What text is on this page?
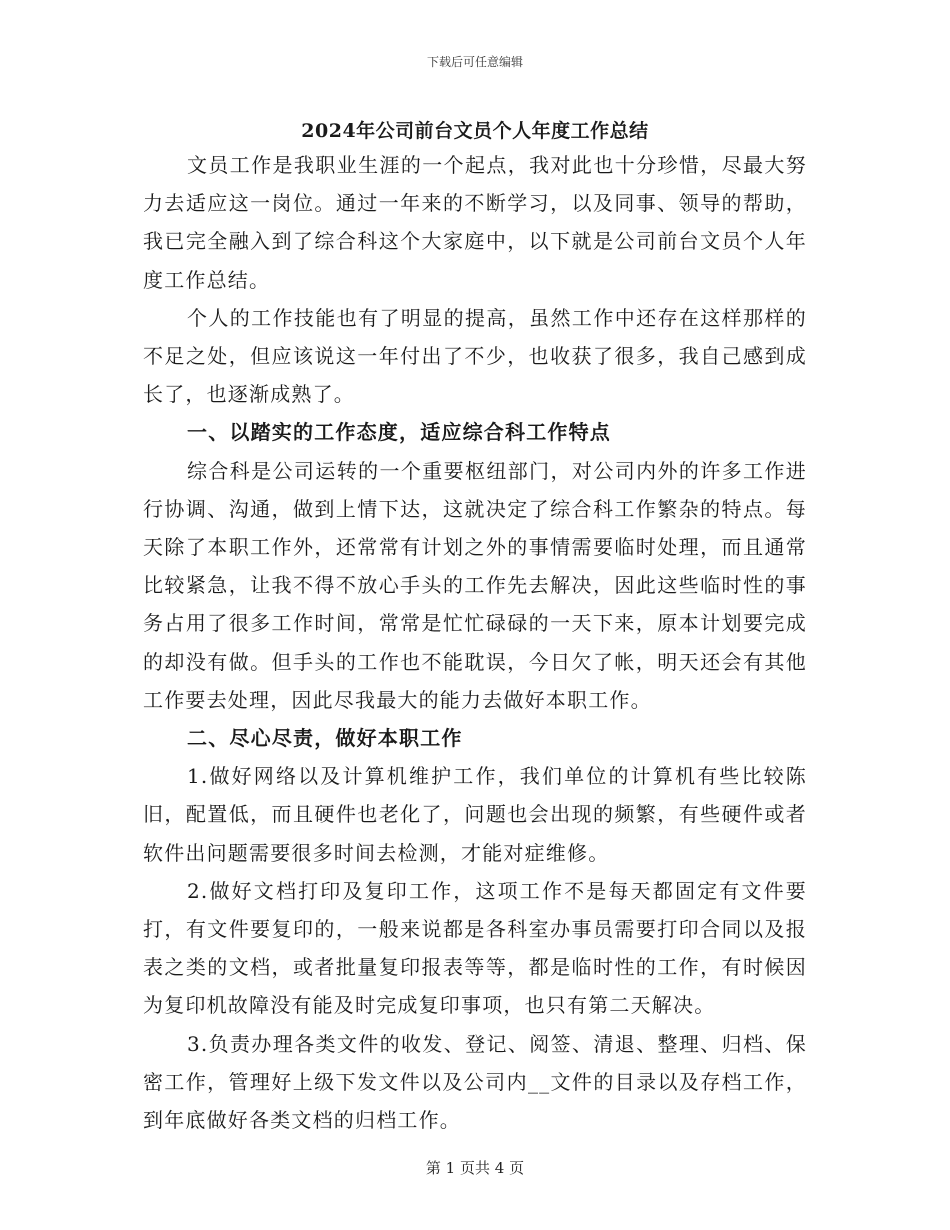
下载后可任意编辑
2024年公司前台文员个人年度工作总结

文员工作是我职业生涯的一个起点，我对此也十分珍惜，尽最大努力去适应这一岗位。通过一年来的不断学习，以及同事、领导的帮助，我已完全融入到了综合科这个大家庭中，以下就是公司前台文员个人年度工作总结。

个人的工作技能也有了明显的提高，虽然工作中还存在这样那样的不足之处，但应该说这一年付出了不少，也收获了很多，我自己感到成长了，也逐渐成熟了。

一、以踏实的工作态度，适应综合科工作特点

综合科是公司运转的一个重要枢纽部门，对公司内外的许多工作进行协调、沟通，做到上情下达，这就决定了综合科工作繁杂的特点。每天除了本职工作外，还常常有计划之外的事情需要临时处理，而且通常比较紧急，让我不得不放心手头的工作先去解决，因此这些临时性的事务占用了很多工作时间，常常是忙忙碌碌的一天下来，原本计划要完成的却没有做。但手头的工作也不能耽误，今日欠了帐，明天还会有其他工作要去处理，因此尽我最大的能力去做好本职工作。

二、尽心尽责，做好本职工作

1.做好网络以及计算机维护工作，我们单位的计算机有些比较陈旧，配置低，而且硬件也老化了，问题也会出现的频繁，有些硬件或者软件出问题需要很多时间去检测，才能对症维修。

2.做好文档打印及复印工作，这项工作不是每天都固定有文件要打，有文件要复印的，一般来说都是各科室办事员需要打印合同以及报表之类的文档，或者批量复印报表等等，都是临时性的工作，有时候因为复印机故障没有能及时完成复印事项，也只有第二天解决。

3.负责办理各类文件的收发、登记、阅签、清退、整理、归档、保密工作，管理好上级下发文件以及公司内__文件的目录以及存档工作，到年底做好各类文档的归档工作。

第 1 页共 4 页
